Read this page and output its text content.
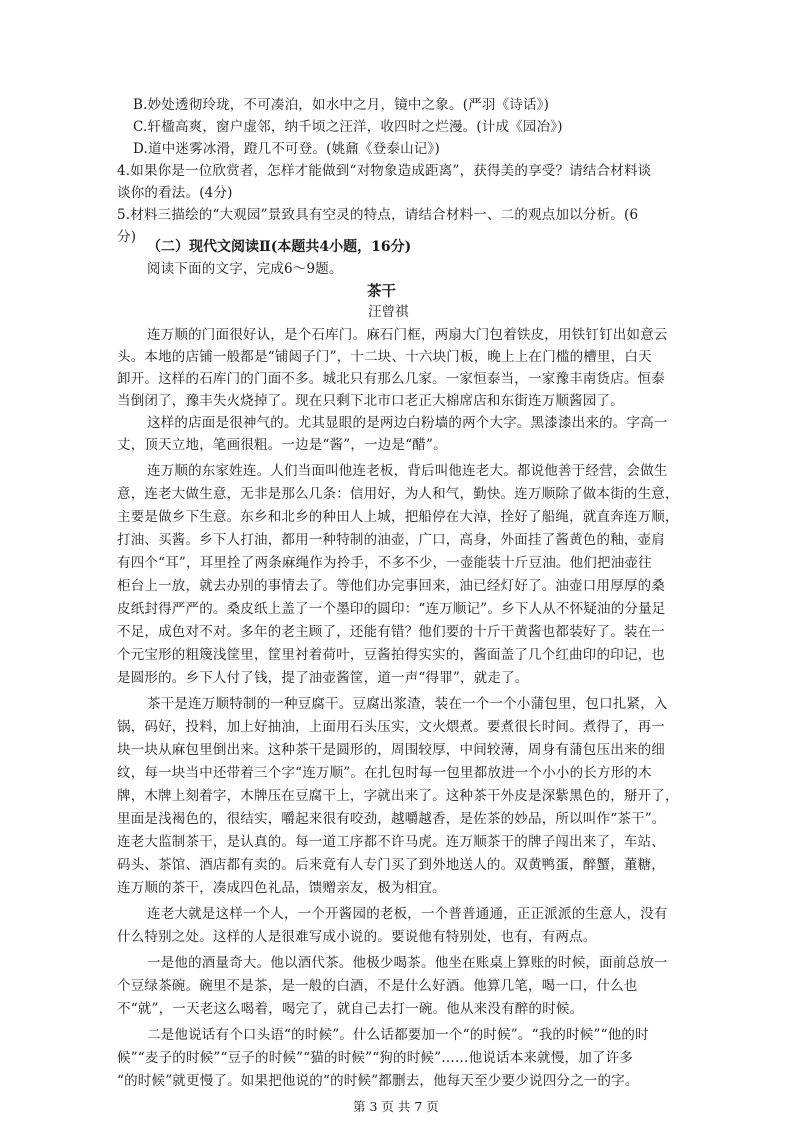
B.妙处透彻玲珑，不可凑泊，如水中之月，镜中之象。(严羽《诗话》)
C.轩楹高爽，窗户虚邻，纳千顷之汪洋，收四时之烂漫。(计成《园冶》)
D.道中迷雾冰滑，蹬几不可登。(姚鼐《登泰山记》)
4.如果你是一位欣赏者，怎样才能做到“对物象造成距离”，获得美的享受？请结合材料谈
谈你的看法。(4分)
5.材料三描绘的“大观园”景致具有空灵的特点，请结合材料一、二的观点加以分析。(6
分)
（二）现代文阅读Ⅱ(本题共4小题，16分)
阅读下面的文字，完成6～9题。
茶干
汪曾祺
连万顺的门面很好认，是个石库门。麻石门框，两扇大门包着铁皮，用铁钉钉出如意云
头。本地的店铺一般都是“铺闼子门”，十二块、十六块门板，晚上上在门槛的槽里，白天
卸开。这样的石库门的门面不多。城北只有那么几家。一家恒泰当，一家豫丰南货店。恒泰
当倒闭了，豫丰失火烧掉了。现在只剩下北市口老正大棉席店和东街连万顺酱园了。
这样的店面是很神气的。尤其显眼的是两边白粉墙的两个大字。黑漆漆出来的。字高一
丈，顶天立地，笔画很粗。一边是“酱”，一边是“醋”。
连万顺的东家姓连。人们当面叫他连老板，背后叫他连老大。都说他善于经营，会做生
意，连老大做生意，无非是那么几条：信用好，为人和气，勤快。连万顺除了做本街的生意，
主要是做乡下生意。东乡和北乡的种田人上城，把船停在大淖，拴好了船绳，就直奔连万顺，
打油、买酱。乡下人打油，都用一种特制的油壶，广口，高身，外面挂了酱黄色的釉，壶肩
有四个“耳”，耳里拴了两条麻绳作为拎手，不多不少，一壶能装十斤豆油。他们把油壶往
柜台上一放，就去办别的事情去了。等他们办完事回来，油已经灯好了。油壶口用厚厚的桑
皮纸封得严严的。桑皮纸上盖了一个墨印的圆印：“连万顺记”。乡下人从不怀疑油的分量足
不足，成色对不对。多年的老主顾了，还能有错？他们要的十斤干黄酱也都装好了。装在一
个元宝形的粗篾浅筐里，筐里衬着荷叶，豆酱拍得实实的，酱面盖了几个红曲印的印记，也
是圆形的。乡下人付了钱，提了油壶酱筐，道一声“得罪”，就走了。
茶干是连万顺特制的一种豆腐干。豆腐出浆渣，装在一个一个小蒲包里，包口扎紧，入
锅，码好，投料，加上好抽油，上面用石头压实，文火煨煮。要煮很长时间。煮得了，再一
块一块从麻包里倒出来。这种茶干是圆形的，周围较厚，中间较薄，周身有蒲包压出来的细
纹，每一块当中还带着三个字“连万顺”。在扎包时每一包里都放进一个小小的长方形的木
牌，木牌上刻着字，木牌压在豆腐干上，字就出来了。这种茶干外皮是深紫黑色的，掰开了，
里面是浅褐色的，很结实，嚼起来很有咬劲，越嚼越香，是佐茶的妙品，所以叫作“茶干”。
连老大监制茶干，是认真的。每一道工序都不许马虎。连万顺茶干的牌子闯出来了，车站、
码头、茶馆、酒店都有卖的。后来竟有人专门买了到外地送人的。双黄鸭蛋，醉蟹，董糖，
连万顺的茶干，凑成四色礼品，馈赠亲友，极为相宜。
连老大就是这样一个人，一个开酱园的老板，一个普普通通，正正派派的生意人，没有
什么特别之处。这样的人是很难写成小说的。要说他有特别处，也有，有两点。
一是他的酒量奇大。他以酒代茶。他极少喝茶。他坐在账桌上算账的时候，面前总放一
个豆绿茶碗。碗里不是茶，是一般的白酒，不是什么好酒。他算几笔，喝一口，什么也
不“就”，一天老这么喝着，喝完了，就自己去打一碗。他从来没有醉的时候。
二是他说话有个口头语“的时候”。什么话都要加一个“的时候”。“我的时候”“他的时
候”“麦子的时候”“豆子的时候”“猫的时候”“狗的时候”……他说话本来就慢，加了许多
“的时候”就更慢了。如果把他说的“的时候”都删去，他每天至少要少说四分之一的字。
第 3 页 共 7 页
